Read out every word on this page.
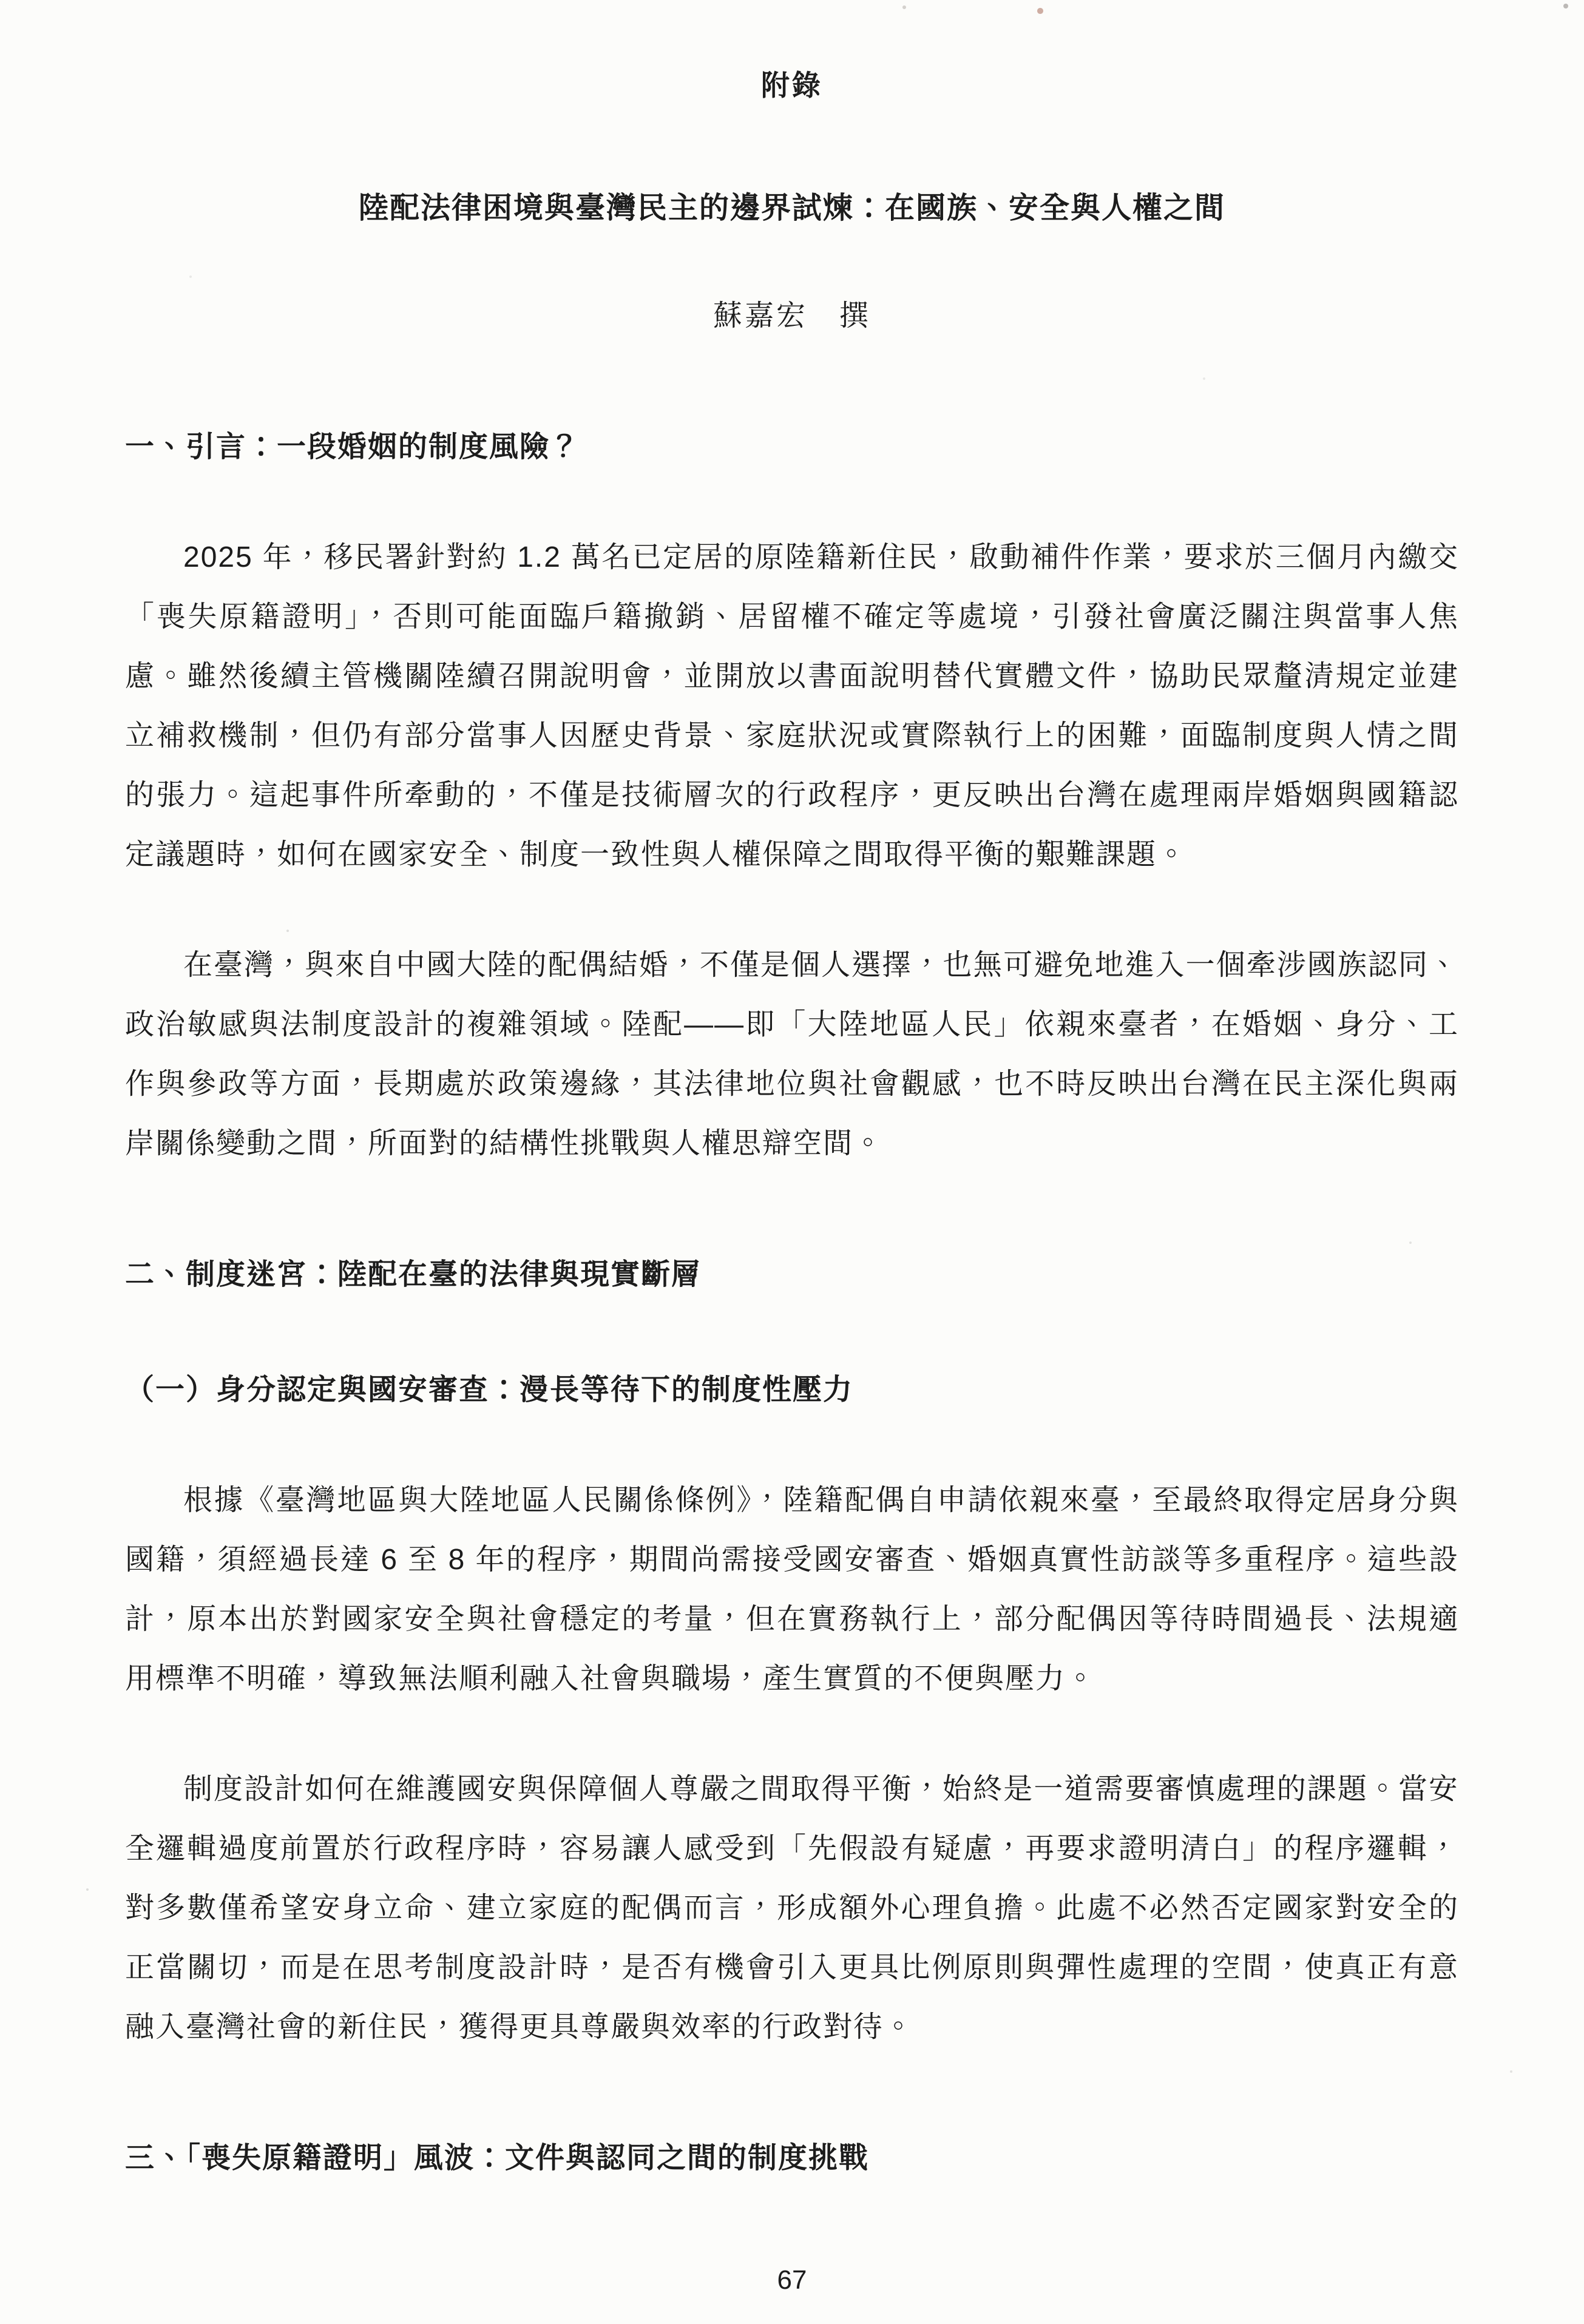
附錄
陸配法律困境與臺灣民主的邊界試煉：在國族、安全與人權之間
蘇嘉宏　撰
一、引言：一段婚姻的制度風險？
2025 年，移民署針對約 1.2 萬名已定居的原陸籍新住民，啟動補件作業，要求於三個月內繳交「喪失原籍證明」，否則可能面臨戶籍撤銷、居留權不確定等處境，引發社會廣泛關注與當事人焦慮。雖然後續主管機關陸續召開說明會，並開放以書面說明替代實體文件，協助民眾釐清規定並建立補救機制，但仍有部分當事人因歷史背景、家庭狀況或實際執行上的困難，面臨制度與人情之間的張力。這起事件所牽動的，不僅是技術層次的行政程序，更反映出台灣在處理兩岸婚姻與國籍認定議題時，如何在國家安全、制度一致性與人權保障之間取得平衡的艱難課題。
在臺灣，與來自中國大陸的配偶結婚，不僅是個人選擇，也無可避免地進入一個牽涉國族認同、政治敏感與法制度設計的複雜領域。陸配——即「大陸地區人民」依親來臺者，在婚姻、身分、工作與參政等方面，長期處於政策邊緣，其法律地位與社會觀感，也不時反映出台灣在民主深化與兩岸關係變動之間，所面對的結構性挑戰與人權思辯空間。
二、制度迷宮：陸配在臺的法律與現實斷層
（一）身分認定與國安審查：漫長等待下的制度性壓力
根據《臺灣地區與大陸地區人民關係條例》，陸籍配偶自申請依親來臺，至最終取得定居身分與國籍，須經過長達 6 至 8 年的程序，期間尚需接受國安審查、婚姻真實性訪談等多重程序。這些設計，原本出於對國家安全與社會穩定的考量，但在實務執行上，部分配偶因等待時間過長、法規適用標準不明確，導致無法順利融入社會與職場，產生實質的不便與壓力。
制度設計如何在維護國安與保障個人尊嚴之間取得平衡，始終是一道需要審慎處理的課題。當安全邏輯過度前置於行政程序時，容易讓人感受到「先假設有疑慮，再要求證明清白」的程序邏輯，對多數僅希望安身立命、建立家庭的配偶而言，形成額外心理負擔。此處不必然否定國家對安全的正當關切，而是在思考制度設計時，是否有機會引入更具比例原則與彈性處理的空間，使真正有意融入臺灣社會的新住民，獲得更具尊嚴與效率的行政對待。
三、「喪失原籍證明」風波：文件與認同之間的制度挑戰
67
